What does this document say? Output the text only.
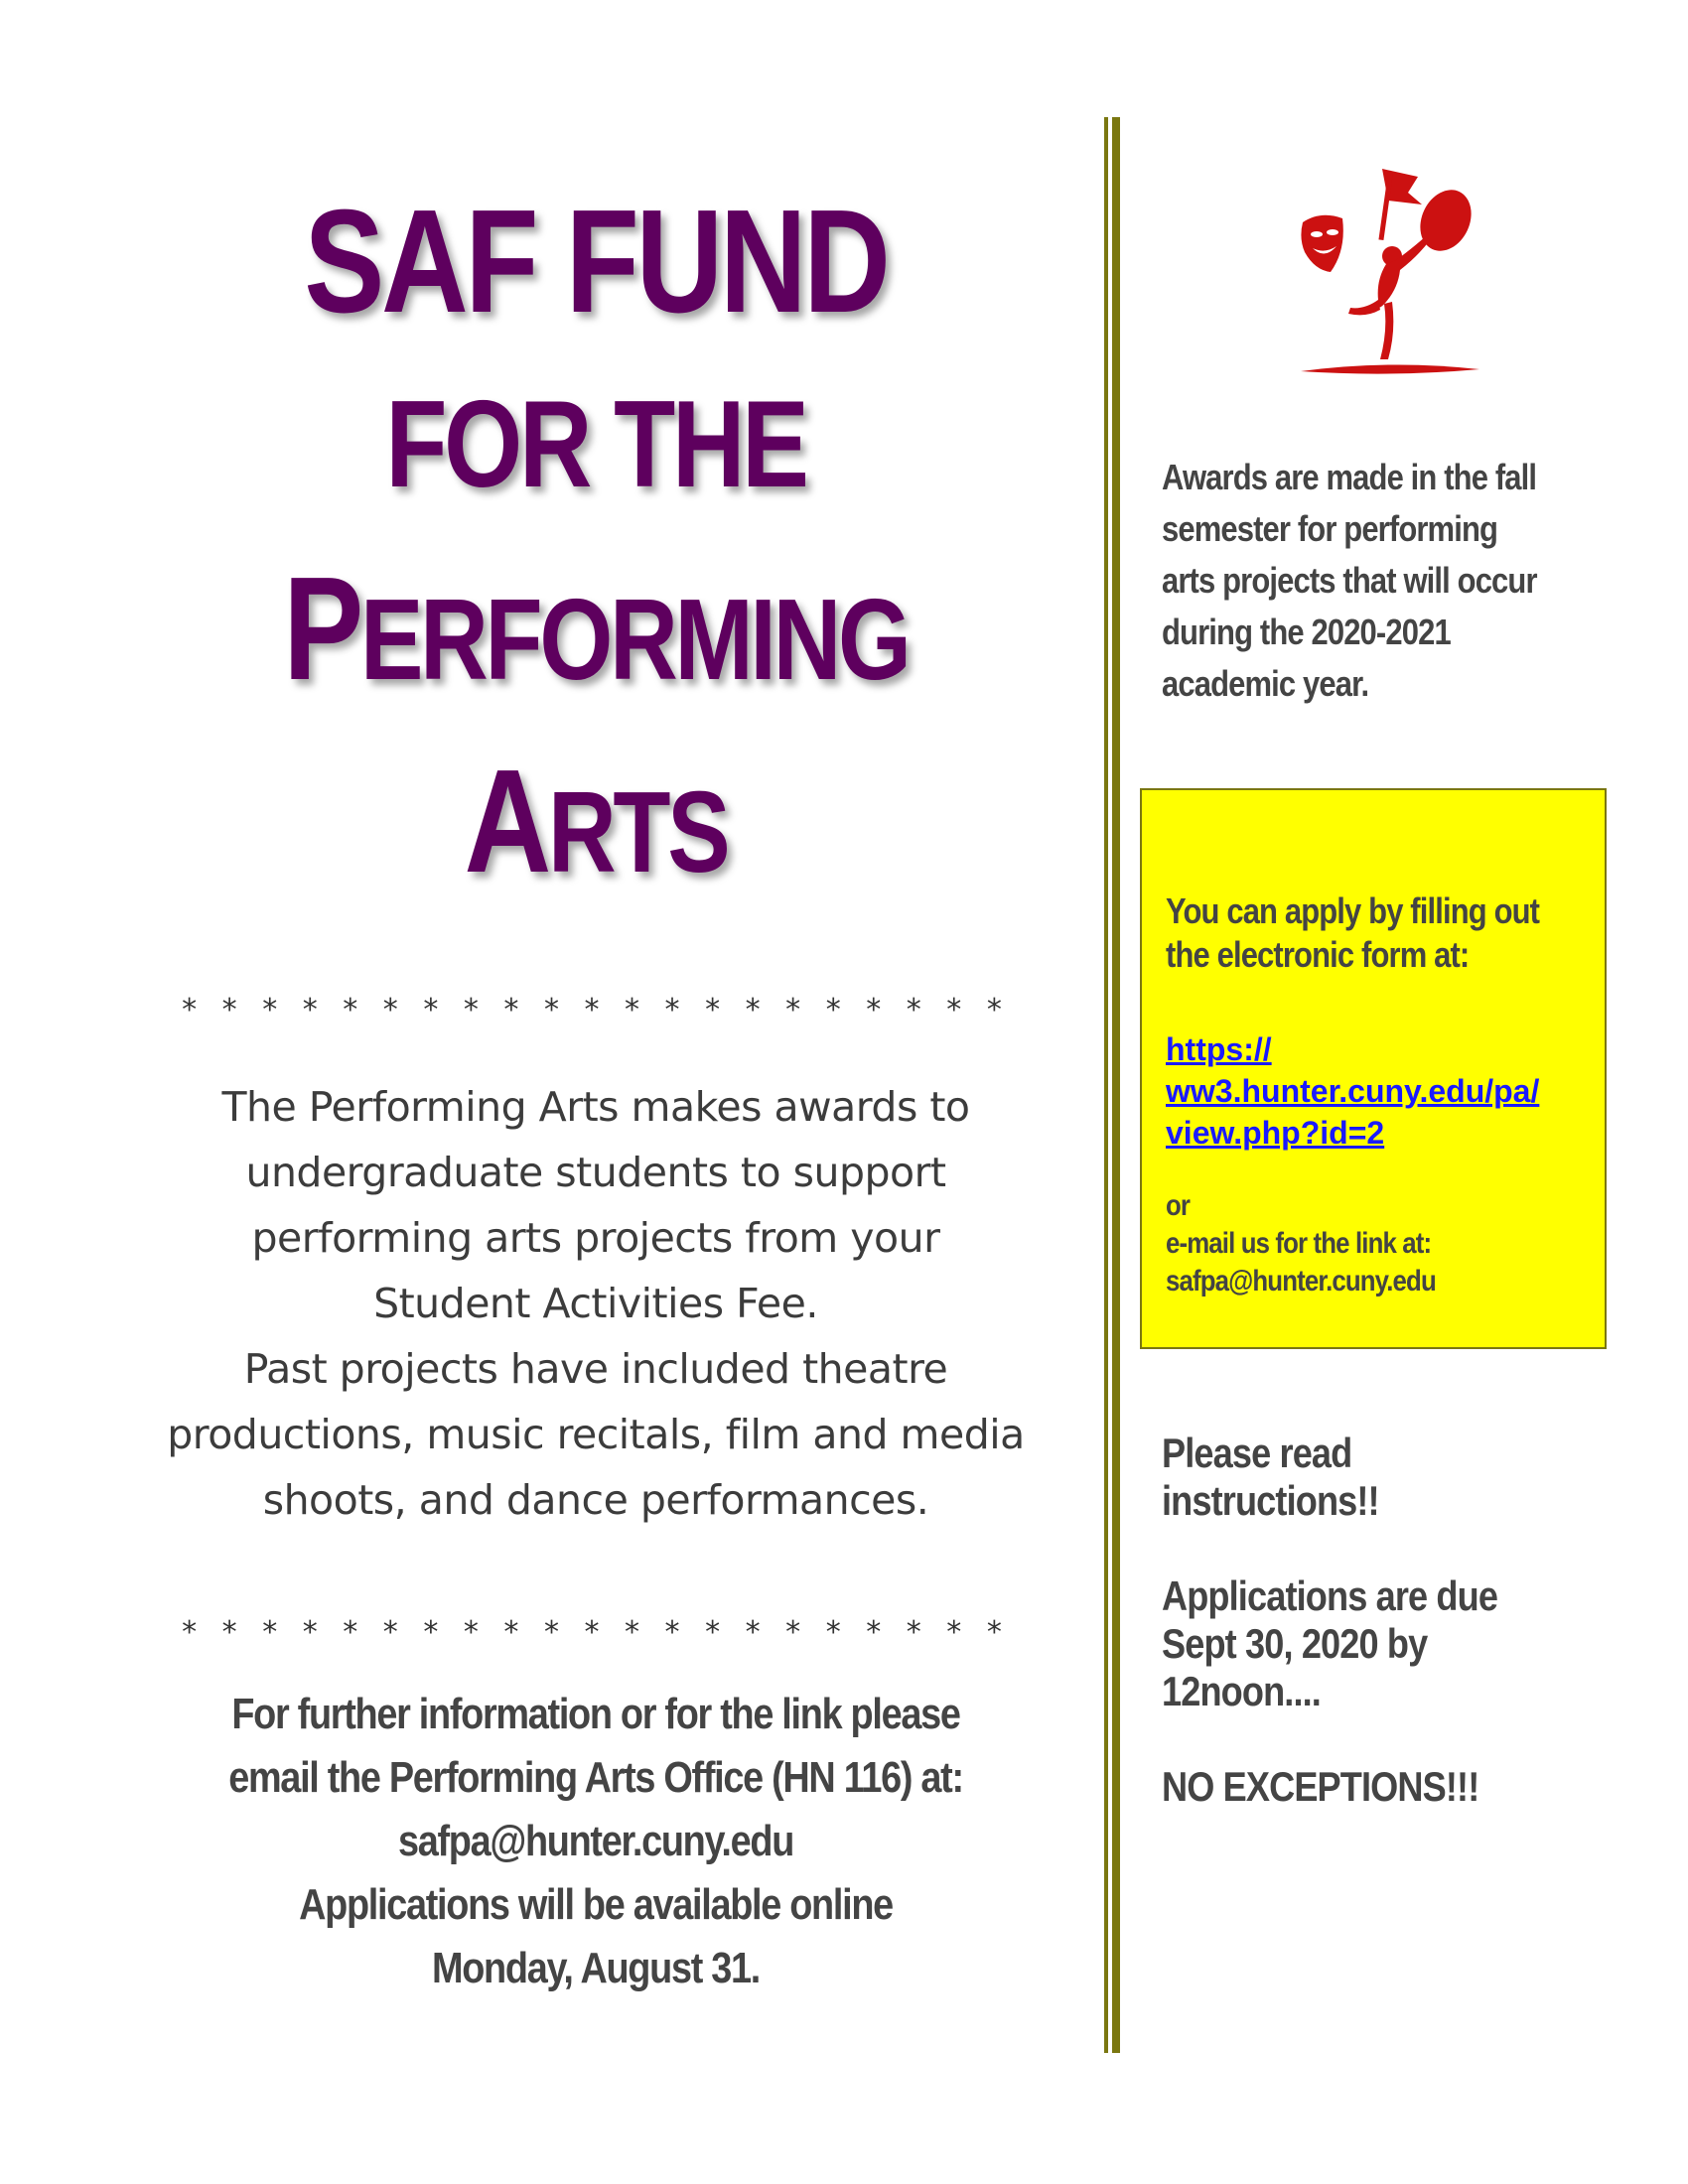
SAF FUND
FOR THE
PERFORMING
ARTS
* * * * * * * * * * * * * * * * * * * * *
The Performing Arts makes awards to
undergraduate students to support
performing arts projects from your
Student Activities Fee.
Past projects have included theatre
productions, music recitals, film and media
shoots, and dance performances.
* * * * * * * * * * * * * * * * * * * * *
For further information or for the link please
email the Performing Arts Office (HN 116) at:
safpa@hunter.cuny.edu
Applications will be available online
Monday, August 31.
Awards are made in the fall
semester for performing
arts projects that will occur
during the 2020-2021
academic year.
You can apply by filling out
the electronic form at:
https://
ww3.hunter.cuny.edu/pa/
view.php?id=2
or
e-mail us for the link at:
safpa@hunter.cuny.edu
Please read
instructions!!
Applications are due
Sept 30, 2020 by
12noon....
NO EXCEPTIONS!!!
